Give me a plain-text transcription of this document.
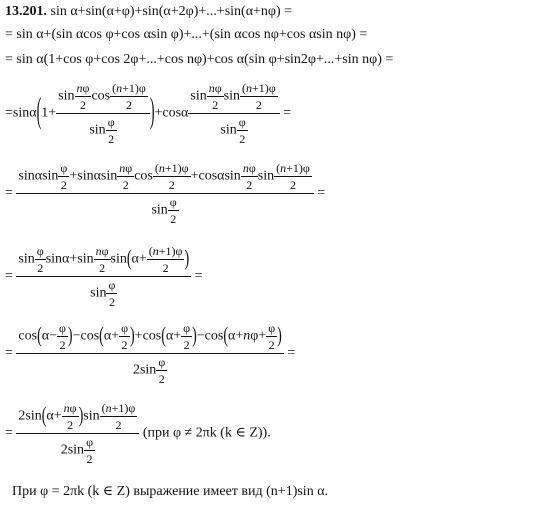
13.201. sin α+sin(α+φ)+sin(α+2φ)+...+sin(α+nφ) =
= sin α+(sin αcos φ+cos αsin φ)+...+(sin αcos nφ+cos αsin nφ) =
= sin α(1+cos φ+cos 2φ+...+cos nφ)+cos α(sin φ+sin2φ+...+sin nφ) =
$=\sin\alpha(1+ \frac{\sin \frac{n\varphi}{2} \cos \frac{(n+1)\varphi}{2}}{\sin \frac{\varphi}{2}} )+\cos\alpha \frac{\sin \frac{n\varphi}{2} \sin \frac{(n+1)\varphi}{2}}{\sin \frac{\varphi}{2}}$ =
= $\frac{\sin\alpha\sin \frac{\varphi}{2} +\sin\alpha\sin \frac{n\varphi}{2} \cos \frac{(n+1)\varphi}{2} +\cos\alpha\sin \frac{n\varphi}{2} \sin \frac{(n+1)\varphi}{2}}{\sin \frac{\varphi}{2}}$ =
= $\frac{\sin \frac{\varphi}{2} \sin\alpha+\sin \frac{n\varphi}{2} \sin(\alpha+ \frac{(n+1)\varphi}{2} )}{\sin \frac{\varphi}{2}}$ =
= $\frac{\cos(\alpha- \frac{\varphi}{2} )-\cos(\alpha+ \frac{\varphi}{2} )+\cos(\alpha+ \frac{\varphi}{2} )-\cos(\alpha+n\varphi+ \frac{\varphi}{2} )}{2\sin \frac{\varphi}{2}}$ =
= $\frac{2\sin(\alpha+ \frac{n\varphi}{2} )\sin \frac{(n+1)\varphi}{2}}{2\sin \frac{\varphi}{2}} (при$ φ ≠ 2πk (k ∈ Z)).
При φ = 2πk (k ∈ Z) выражение имеет вид (n+1)sin α.
